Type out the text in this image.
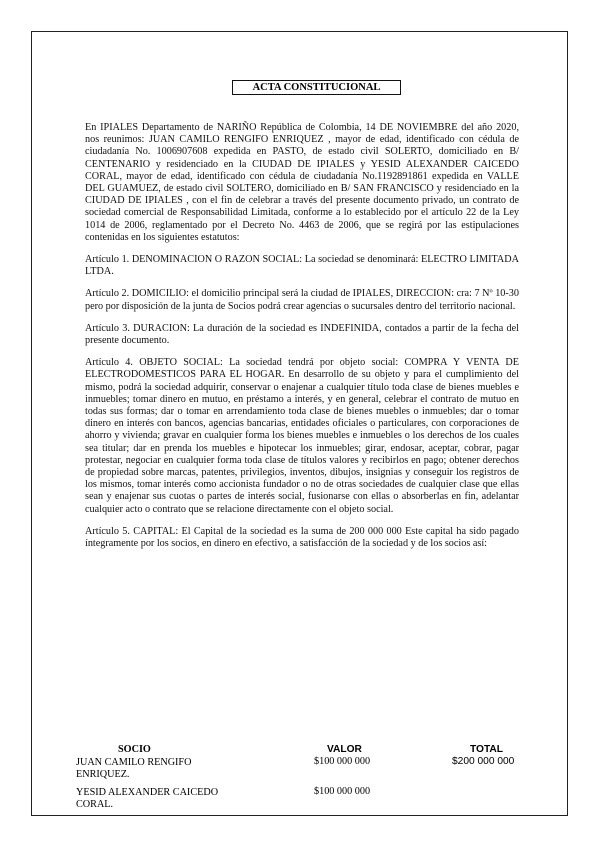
ACTA CONSTITUCIONAL

En IPIALES Departamento de NARIÑO República de Colombia, 14 DE NOVIEMBRE del año 2020, nos reunimos: JUAN CAMILO RENGIFO ENRIQUEZ , mayor de edad, identificado con cédula de ciudadanía No. 1006907608 expedida en PASTO, de estado civil SOLERTO, domiciliado en B/ CENTENARIO y residenciado en la CIUDAD DE IPIALES y YESID ALEXANDER CAICEDO CORAL, mayor de edad, identificado con cédula de ciudadanía No.1192891861 expedida en VALLE DEL GUAMUEZ, de estado civil SOLTERO, domiciliado en B/ SAN FRANCISCO y residenciado en la CIUDAD DE IPIALES , con el fin de celebrar a través del presente documento privado, un contrato de sociedad comercial de Responsabilidad Limitada, conforme a lo establecido por el artículo 22 de la Ley 1014 de 2006, reglamentado por el Decreto No. 4463 de 2006, que se regirá por las estipulaciones contenidas en los siguientes estatutos:

Artículo 1. DENOMINACION O RAZON SOCIAL: La sociedad se denominará: ELECTRO LIMITADA LTDA.

Artículo 2. DOMICILIO: el domicilio principal será la ciudad de IPIALES, DIRECCION: cra: 7 Nº 10-30 pero por disposición de la junta de Socios podrá crear agencias o sucursales dentro del territorio nacional.

Artículo 3. DURACION: La duración de la sociedad es INDEFINIDA, contados a partir de la fecha del presente documento.

Artículo 4. OBJETO SOCIAL: La sociedad tendrá por objeto social: COMPRA Y VENTA DE ELECTRODOMESTICOS PARA EL HOGAR. En desarrollo de su objeto y para el cumplimiento del mismo, podrá la sociedad adquirir, conservar o enajenar a cualquier título toda clase de bienes muebles e inmuebles; tomar dinero en mutuo, en préstamo a interés, y en general, celebrar el contrato de mutuo en todas sus formas; dar o tomar en arrendamiento toda clase de bienes muebles o inmuebles; dar o tomar dinero en interés con bancos, agencias bancarias, entidades oficiales o particulares, con corporaciones de ahorro y vivienda; gravar en cualquier forma los bienes muebles e inmuebles o los derechos de los cuales sea titular; dar en prenda los muebles e hipotecar los inmuebles; girar, endosar, aceptar, cobrar, pagar protestar, negociar en cualquier forma toda clase de títulos valores y recibirlos en pago; obtener derechos de propiedad sobre marcas, patentes, privilegios, inventos, dibujos, insignias y conseguir los registros de los mismos, tomar interés como accionista fundador o no de otras sociedades de cualquier clase que ellas sean y enajenar sus cuotas o partes de interés social, fusionarse con ellas o absorberlas en fin, adelantar cualquier acto o contrato que se relacione directamente con el objeto social.

Artículo 5. CAPITAL: El Capital de la sociedad es la suma de 200 000 000 Este capital ha sido pagado íntegramente por los socios, en dinero en efectivo, a satisfacción de la sociedad y de los socios así:

SOCIO
JUAN CAMILO RENGIFO ENRIQUEZ.
YESID ALEXANDER CAICEDO CORAL.
VALOR
$100 000 000
$100 000 000
TOTAL
$200 000 000
